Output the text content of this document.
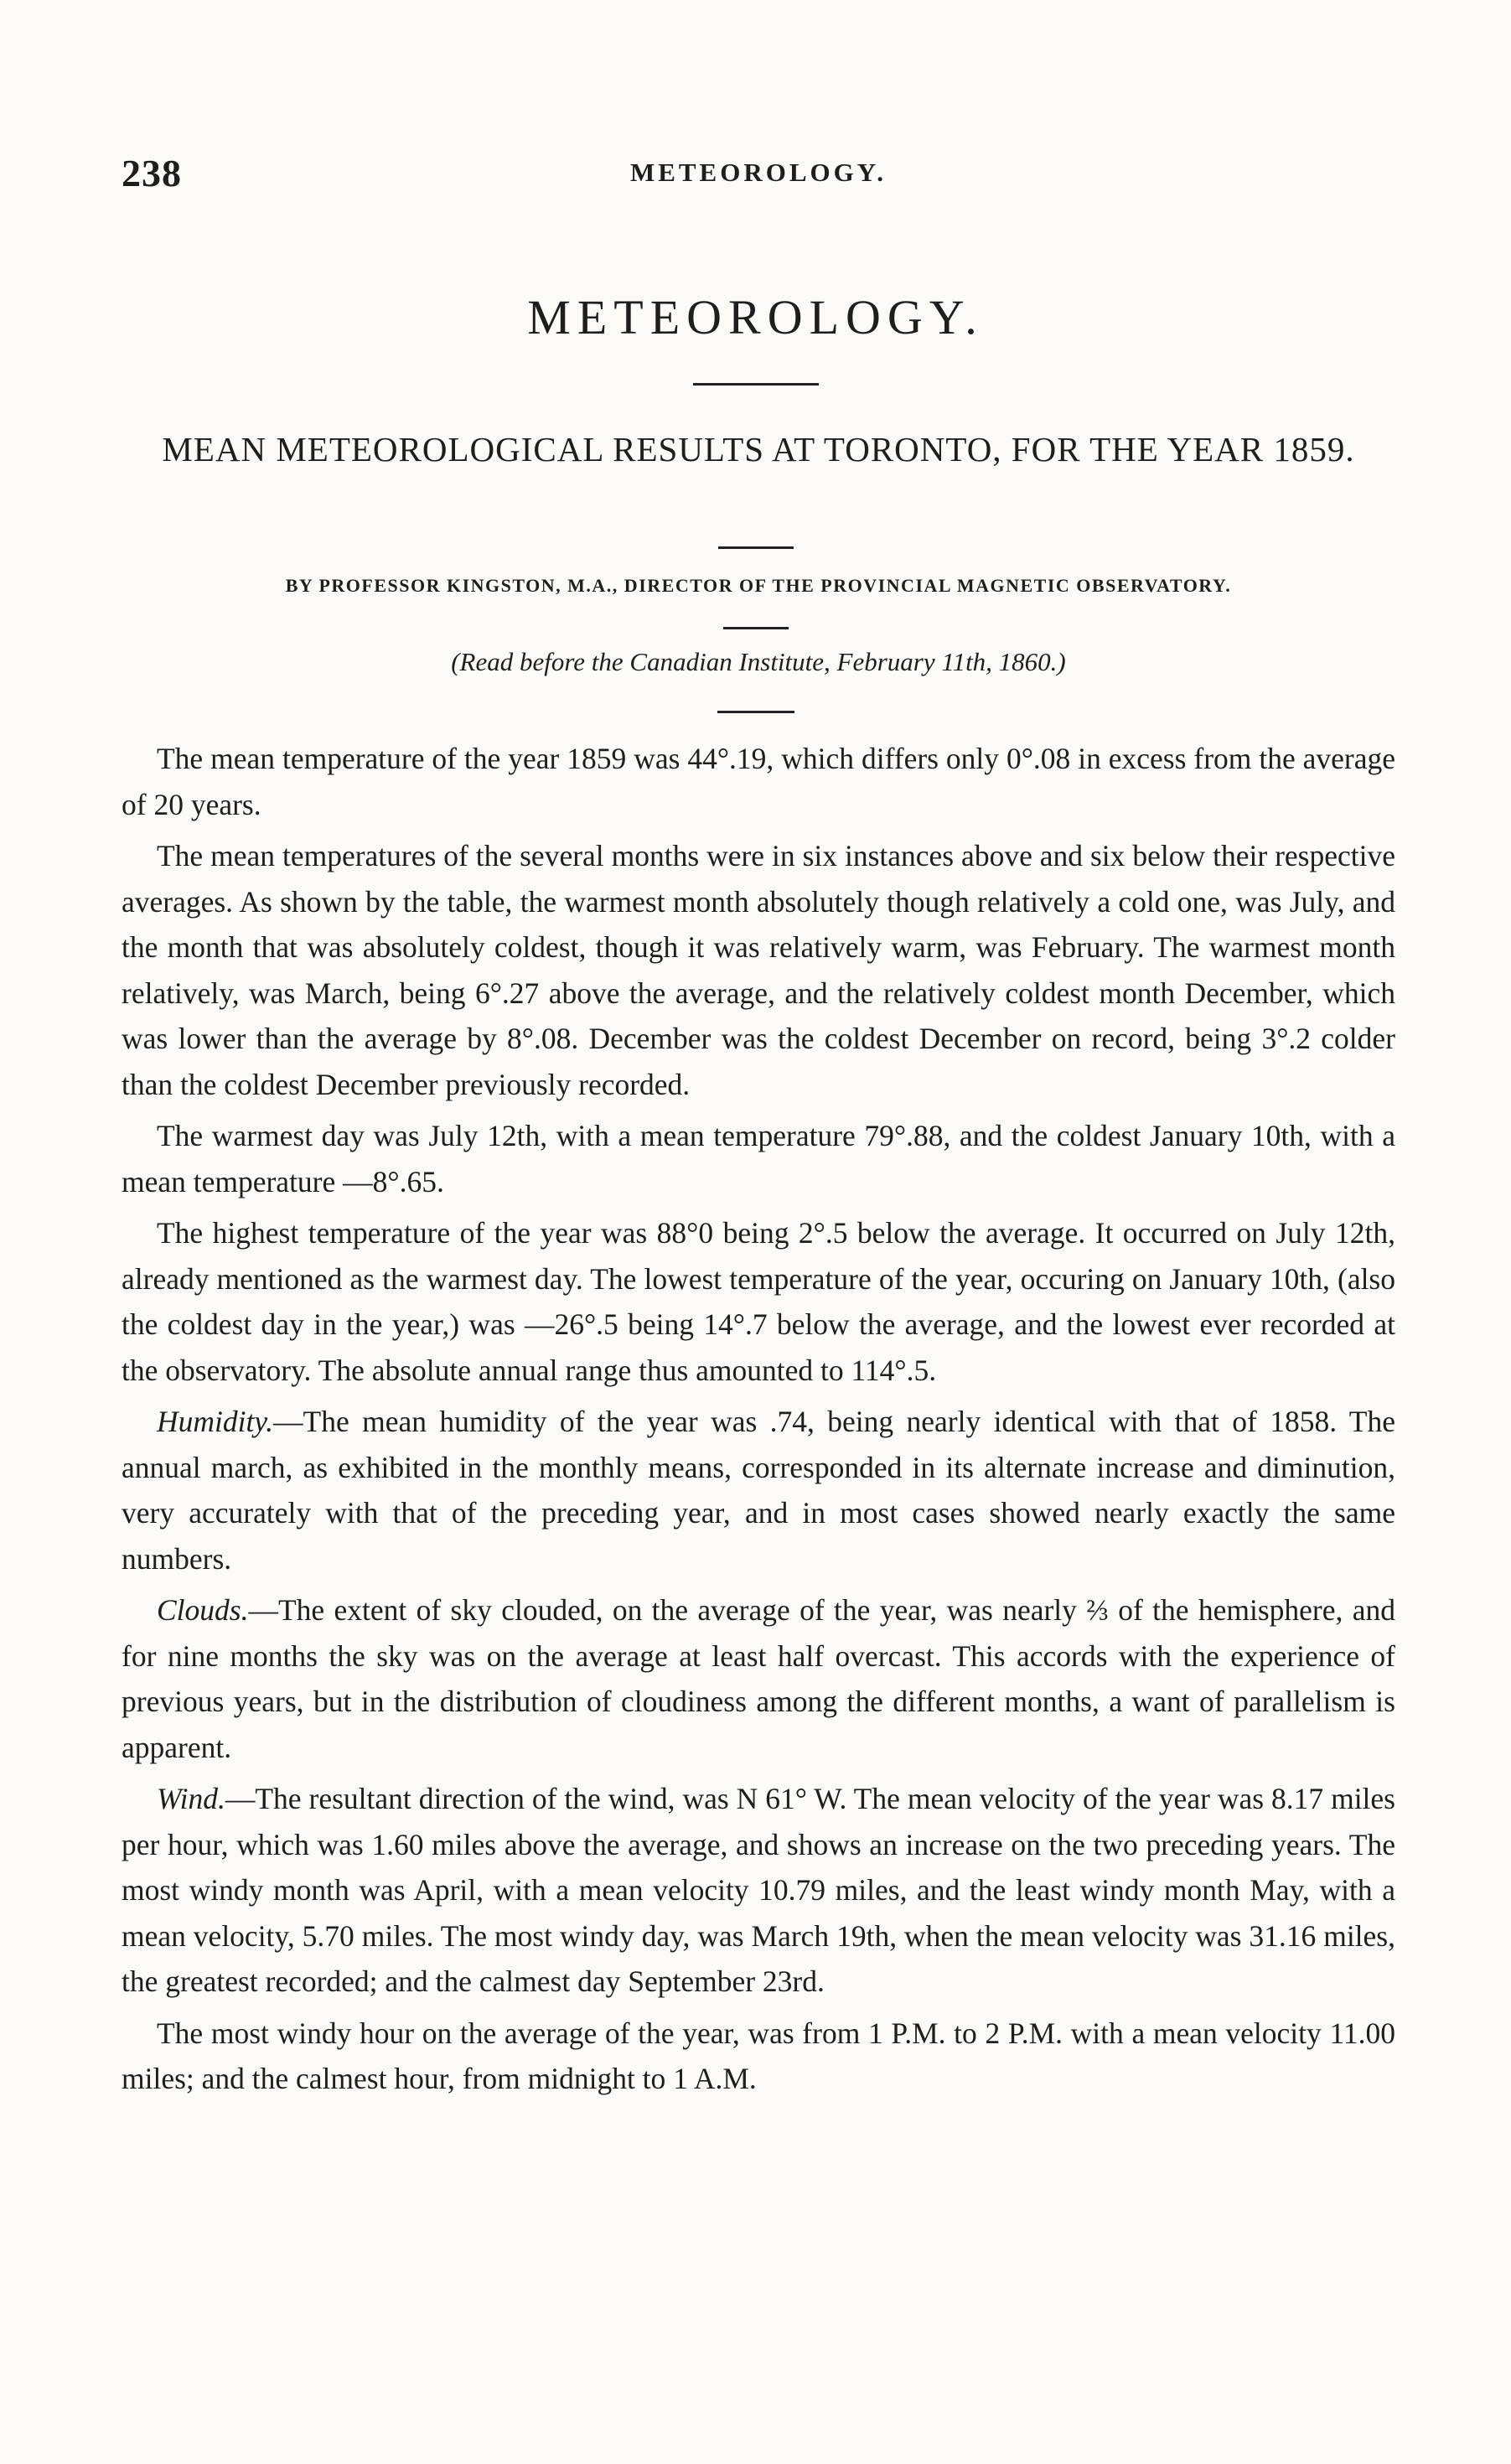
238	METEOROLOGY.
METEOROLOGY.
MEAN METEOROLOGICAL RESULTS AT TORONTO, FOR THE YEAR 1859.
BY PROFESSOR KINGSTON, M.A., DIRECTOR OF THE PROVINCIAL MAGNETIC OBSERVATORY.
(Read before the Canadian Institute, February 11th, 1860.)

The mean temperature of the year 1859 was 44°.19, which differs only 0°.08 in excess from the average of 20 years.

The mean temperatures of the several months were in six instances above and six below their respective averages. As shown by the table, the warmest month absolutely though relatively a cold one, was July, and the month that was absolutely coldest, though it was relatively warm, was February. The warmest month relatively, was March, being 6°.27 above the average, and the relatively coldest month December, which was lower than the average by 8°.08. December was the coldest December on record, being 3°.2 colder than the coldest December previously recorded.

The warmest day was July 12th, with a mean temperature 79°.88, and the coldest January 10th, with a mean temperature —8°.65.

The highest temperature of the year was 88°0 being 2°.5 below the average. It occurred on July 12th, already mentioned as the warmest day. The lowest temperature of the year, occuring on January 10th, (also the coldest day in the year,) was —26°.5 being 14°.7 below the average, and the lowest ever recorded at the observatory. The absolute annual range thus amounted to 114°.5.

Humidity.—The mean humidity of the year was .74, being nearly identical with that of 1858. The annual march, as exhibited in the monthly means, corresponded in its alternate increase and diminution, very accurately with that of the preceding year, and in most cases showed nearly exactly the same numbers.

Clouds.—The extent of sky clouded, on the average of the year, was nearly ⅔ of the hemisphere, and for nine months the sky was on the average at least half overcast. This accords with the experience of previous years, but in the distribution of cloudiness among the different months, a want of parallelism is apparent.

Wind.—The resultant direction of the wind, was N 61° W. The mean velocity of the year was 8.17 miles per hour, which was 1.60 miles above the average, and shows an increase on the two preceding years. The most windy month was April, with a mean velocity 10.79 miles, and the least windy month May, with a mean velocity, 5.70 miles. The most windy day, was March 19th, when the mean velocity was 31.16 miles, the greatest recorded; and the calmest day September 23rd.

The most windy hour on the average of the year, was from 1 P.M. to 2 P.M. with a mean velocity 11.00 miles; and the calmest hour, from midnight to 1 A.M.
